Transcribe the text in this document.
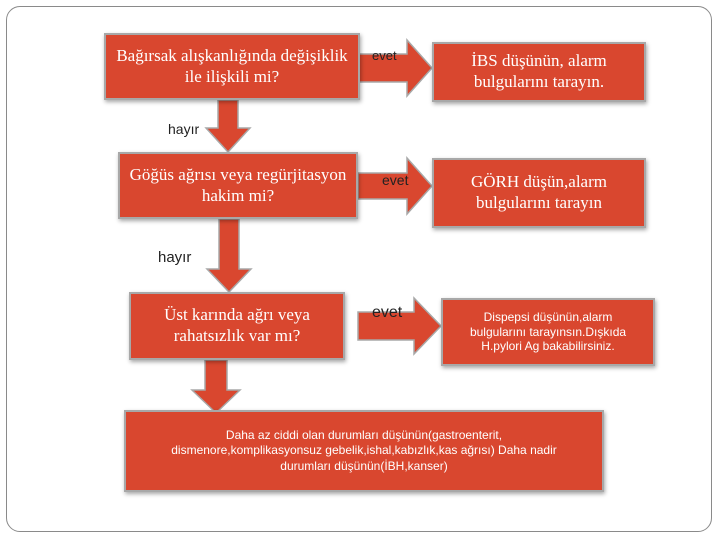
Bağırsak alışkanlığında değişiklik ile ilişkili mi?
evet	İBS düşünün, alarm bulgularını tarayın.
hayır
Göğüs ağrısı veya regürjitasyon hakim mi?
evet	GÖRH düşün,alarm bulgularını tarayın
hayır
Üst karında ağrı veya rahatsızlık var mı?
evet	Dispepsi düşünün,alarm bulgularını tarayınsın.Dışkıda H.pylori Ag bakabilirsiniz.
Daha az ciddi olan durumları düşünün(gastroenterit, dismenore,komplikasyonsuz gebelik,ishal,kabızlık,kas ağrısı) Daha nadir durumları düşünün(İBH,kanser)
